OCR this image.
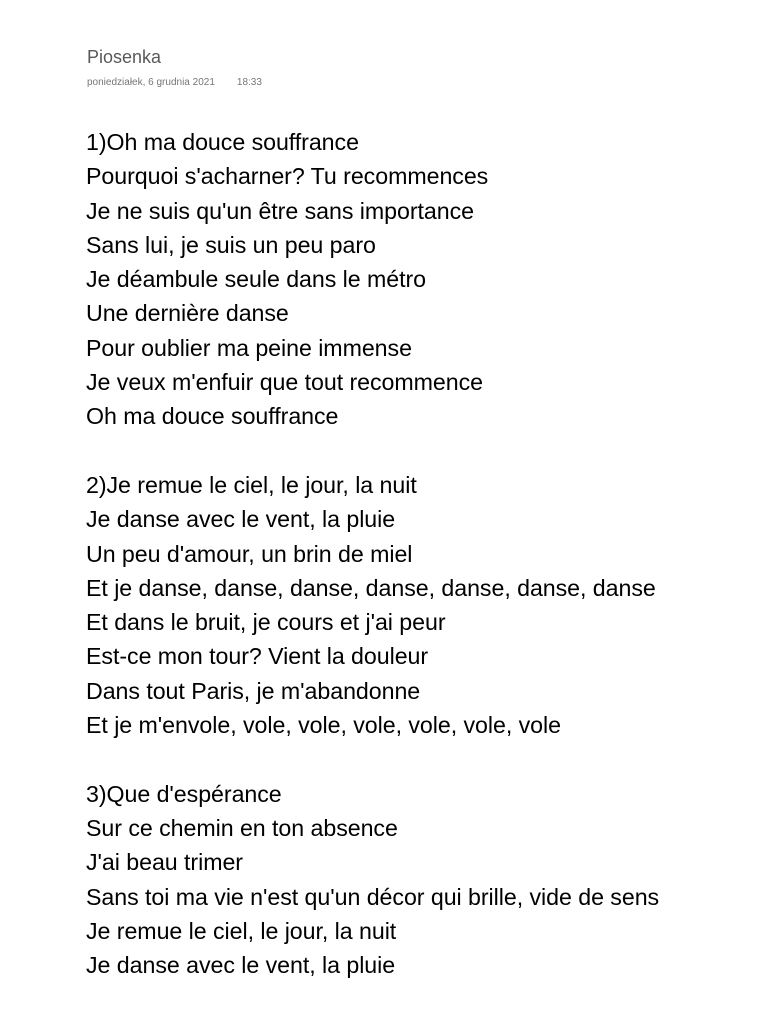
Piosenka
poniedziałek, 6 grudnia 2021 18:33
1)Oh ma douce souffrance
Pourquoi s'acharner? Tu recommences
Je ne suis qu'un être sans importance
Sans lui, je suis un peu paro
Je déambule seule dans le métro
Une dernière danse
Pour oublier ma peine immense
Je veux m'enfuir que tout recommence
Oh ma douce souffrance
2)Je remue le ciel, le jour, la nuit
Je danse avec le vent, la pluie
Un peu d'amour, un brin de miel
Et je danse, danse, danse, danse, danse, danse, danse
Et dans le bruit, je cours et j'ai peur
Est-ce mon tour? Vient la douleur
Dans tout Paris, je m'abandonne
Et je m'envole, vole, vole, vole, vole, vole, vole
3)Que d'espérance
Sur ce chemin en ton absence
J'ai beau trimer
Sans toi ma vie n'est qu'un décor qui brille, vide de sens
Je remue le ciel, le jour, la nuit
Je danse avec le vent, la pluie
